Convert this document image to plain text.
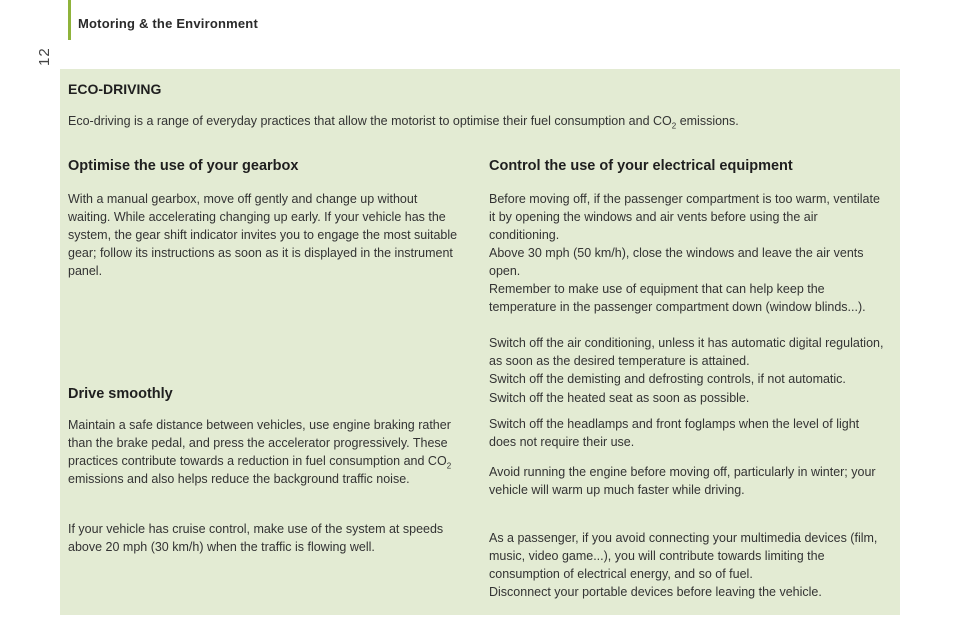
Motoring & the Environment
12
ECO-DRIVING
Eco-driving is a range of everyday practices that allow the motorist to optimise their fuel consumption and $CO_2$ emissions.
Optimise the use of your gearbox

With a manual gearbox, move off gently and change up without waiting. While accelerating changing up early. If your vehicle has the system, the gear shift indicator invites you to engage the most suitable gear; follow its instructions as soon as it is displayed in the instrument panel.

Drive smoothly

Maintain a safe distance between vehicles, use engine braking rather than the brake pedal, and press the accelerator progressively. These practices contribute towards a reduction in fuel consumption and $CO_2$ emissions and also helps reduce the background traffic noise.

If your vehicle has cruise control, make use of the system at speeds above 20 mph (30 km/h) when the traffic is flowing well.

Control the use of your electrical equipment

Before moving off, if the passenger compartment is too warm, ventilate it by opening the windows and air vents before using the air conditioning.

Above 30 mph (50 km/h), close the windows and leave the air vents open.

Remember to make use of equipment that can help keep the temperature in the passenger compartment down (window blinds...).

Switch off the air conditioning, unless it has automatic digital regulation, as soon as the desired temperature is attained.

Switch off the demisting and defrosting controls, if not automatic.

Switch off the heated seat as soon as possible.

Switch off the headlamps and front foglamps when the level of light does not require their use.

Avoid running the engine before moving off, particularly in winter; your vehicle will warm up much faster while driving.

As a passenger, if you avoid connecting your multimedia devices (film, music, video game...), you will contribute towards limiting the consumption of electrical energy, and so of fuel.

Disconnect your portable devices before leaving the vehicle.
